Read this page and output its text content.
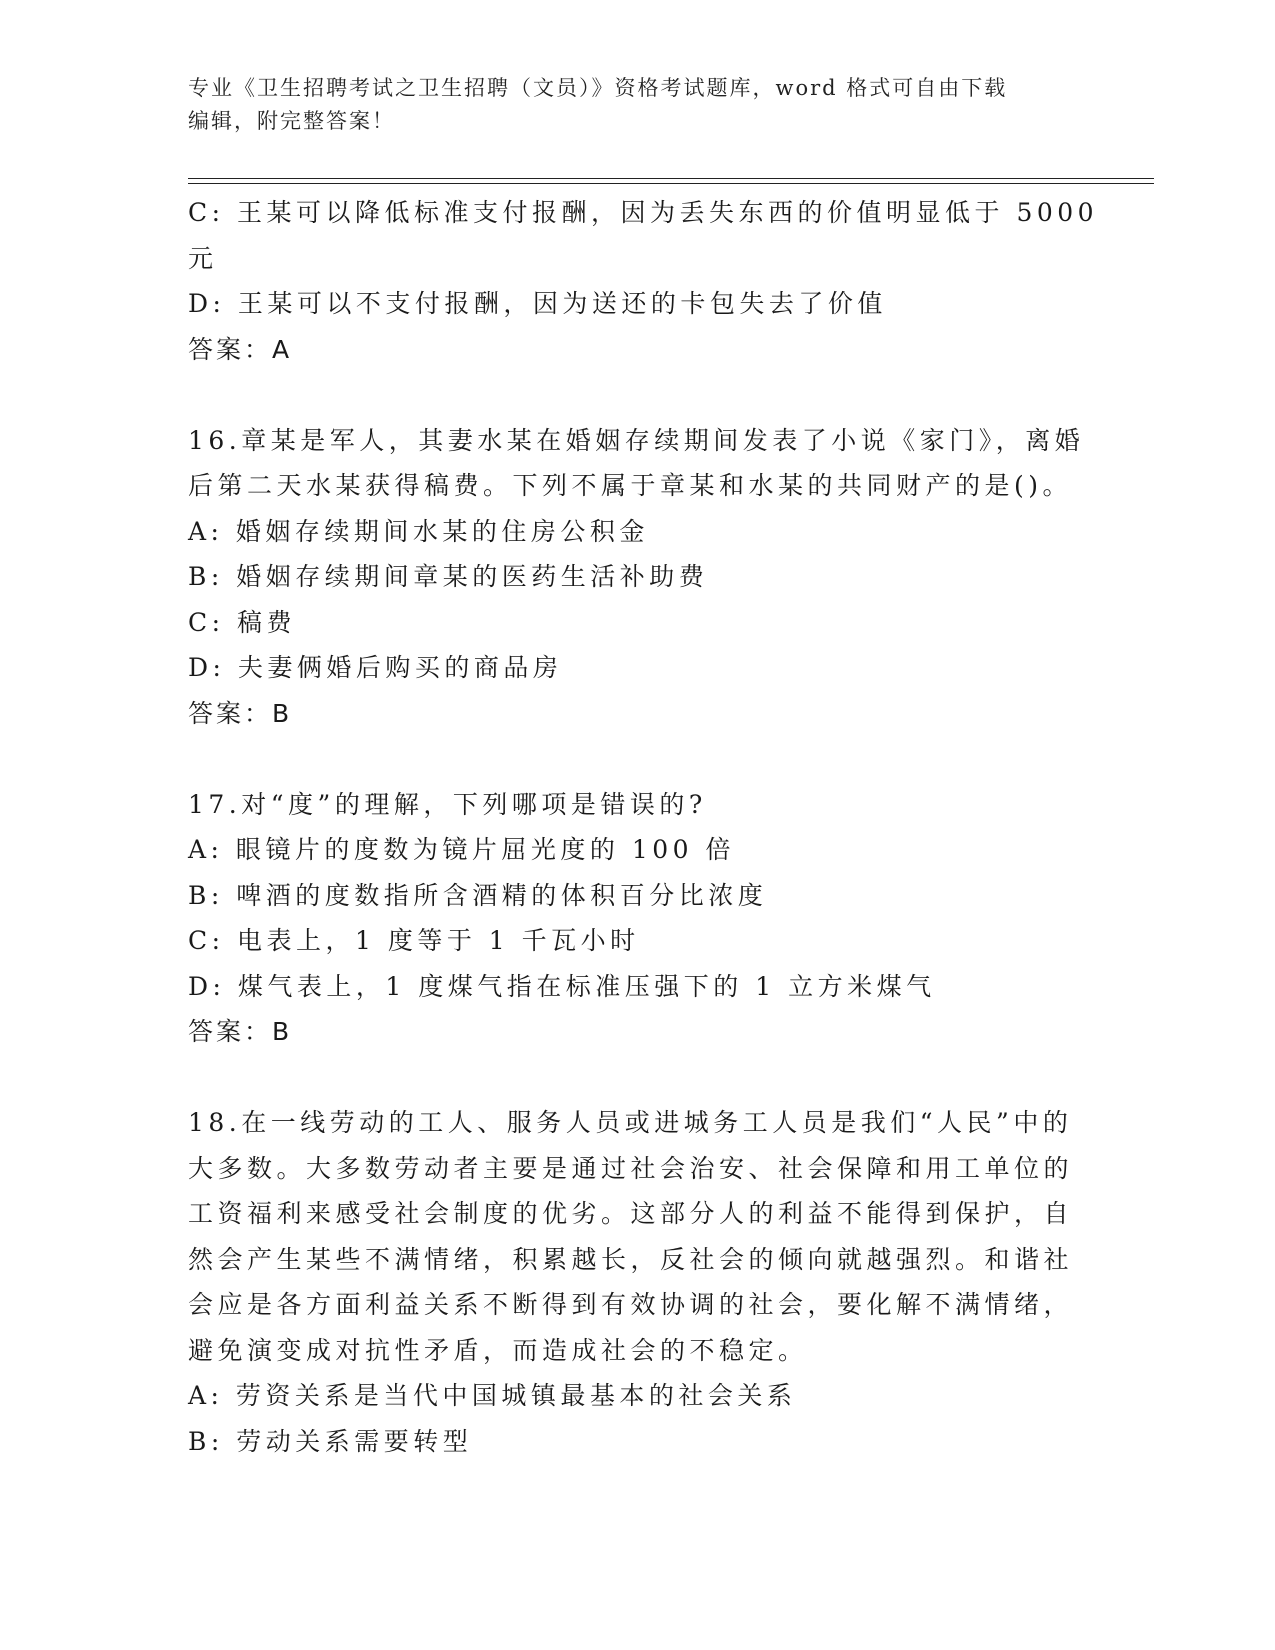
专业《卫生招聘考试之卫生招聘（文员）》资格考试题库，word 格式可自由下载
编辑，附完整答案！
C: 王某可以降低标准支付报酬，因为丢失东西的价值明显低于 5000
元
D: 王某可以不支付报酬，因为送还的卡包失去了价值
答案：A
16.章某是军人，其妻水某在婚姻存续期间发表了小说《家门》，离婚
后第二天水某获得稿费。下列不属于章某和水某的共同财产的是()。
A: 婚姻存续期间水某的住房公积金
B: 婚姻存续期间章某的医药生活补助费
C: 稿费
D: 夫妻俩婚后购买的商品房
答案：B
17.对“度”的理解，下列哪项是错误的?
A: 眼镜片的度数为镜片屈光度的 100 倍
B: 啤酒的度数指所含酒精的体积百分比浓度
C: 电表上，1 度等于 1 千瓦小时
D: 煤气表上，1 度煤气指在标准压强下的 1 立方米煤气
答案：B
18.在一线劳动的工人、服务人员或进城务工人员是我们“人民”中的
大多数。大多数劳动者主要是通过社会治安、社会保障和用工单位的
工资福利来感受社会制度的优劣。这部分人的利益不能得到保护，自
然会产生某些不满情绪，积累越长，反社会的倾向就越强烈。和谐社
会应是各方面利益关系不断得到有效协调的社会，要化解不满情绪，
避免演变成对抗性矛盾，而造成社会的不稳定。
A: 劳资关系是当代中国城镇最基本的社会关系
B: 劳动关系需要转型
